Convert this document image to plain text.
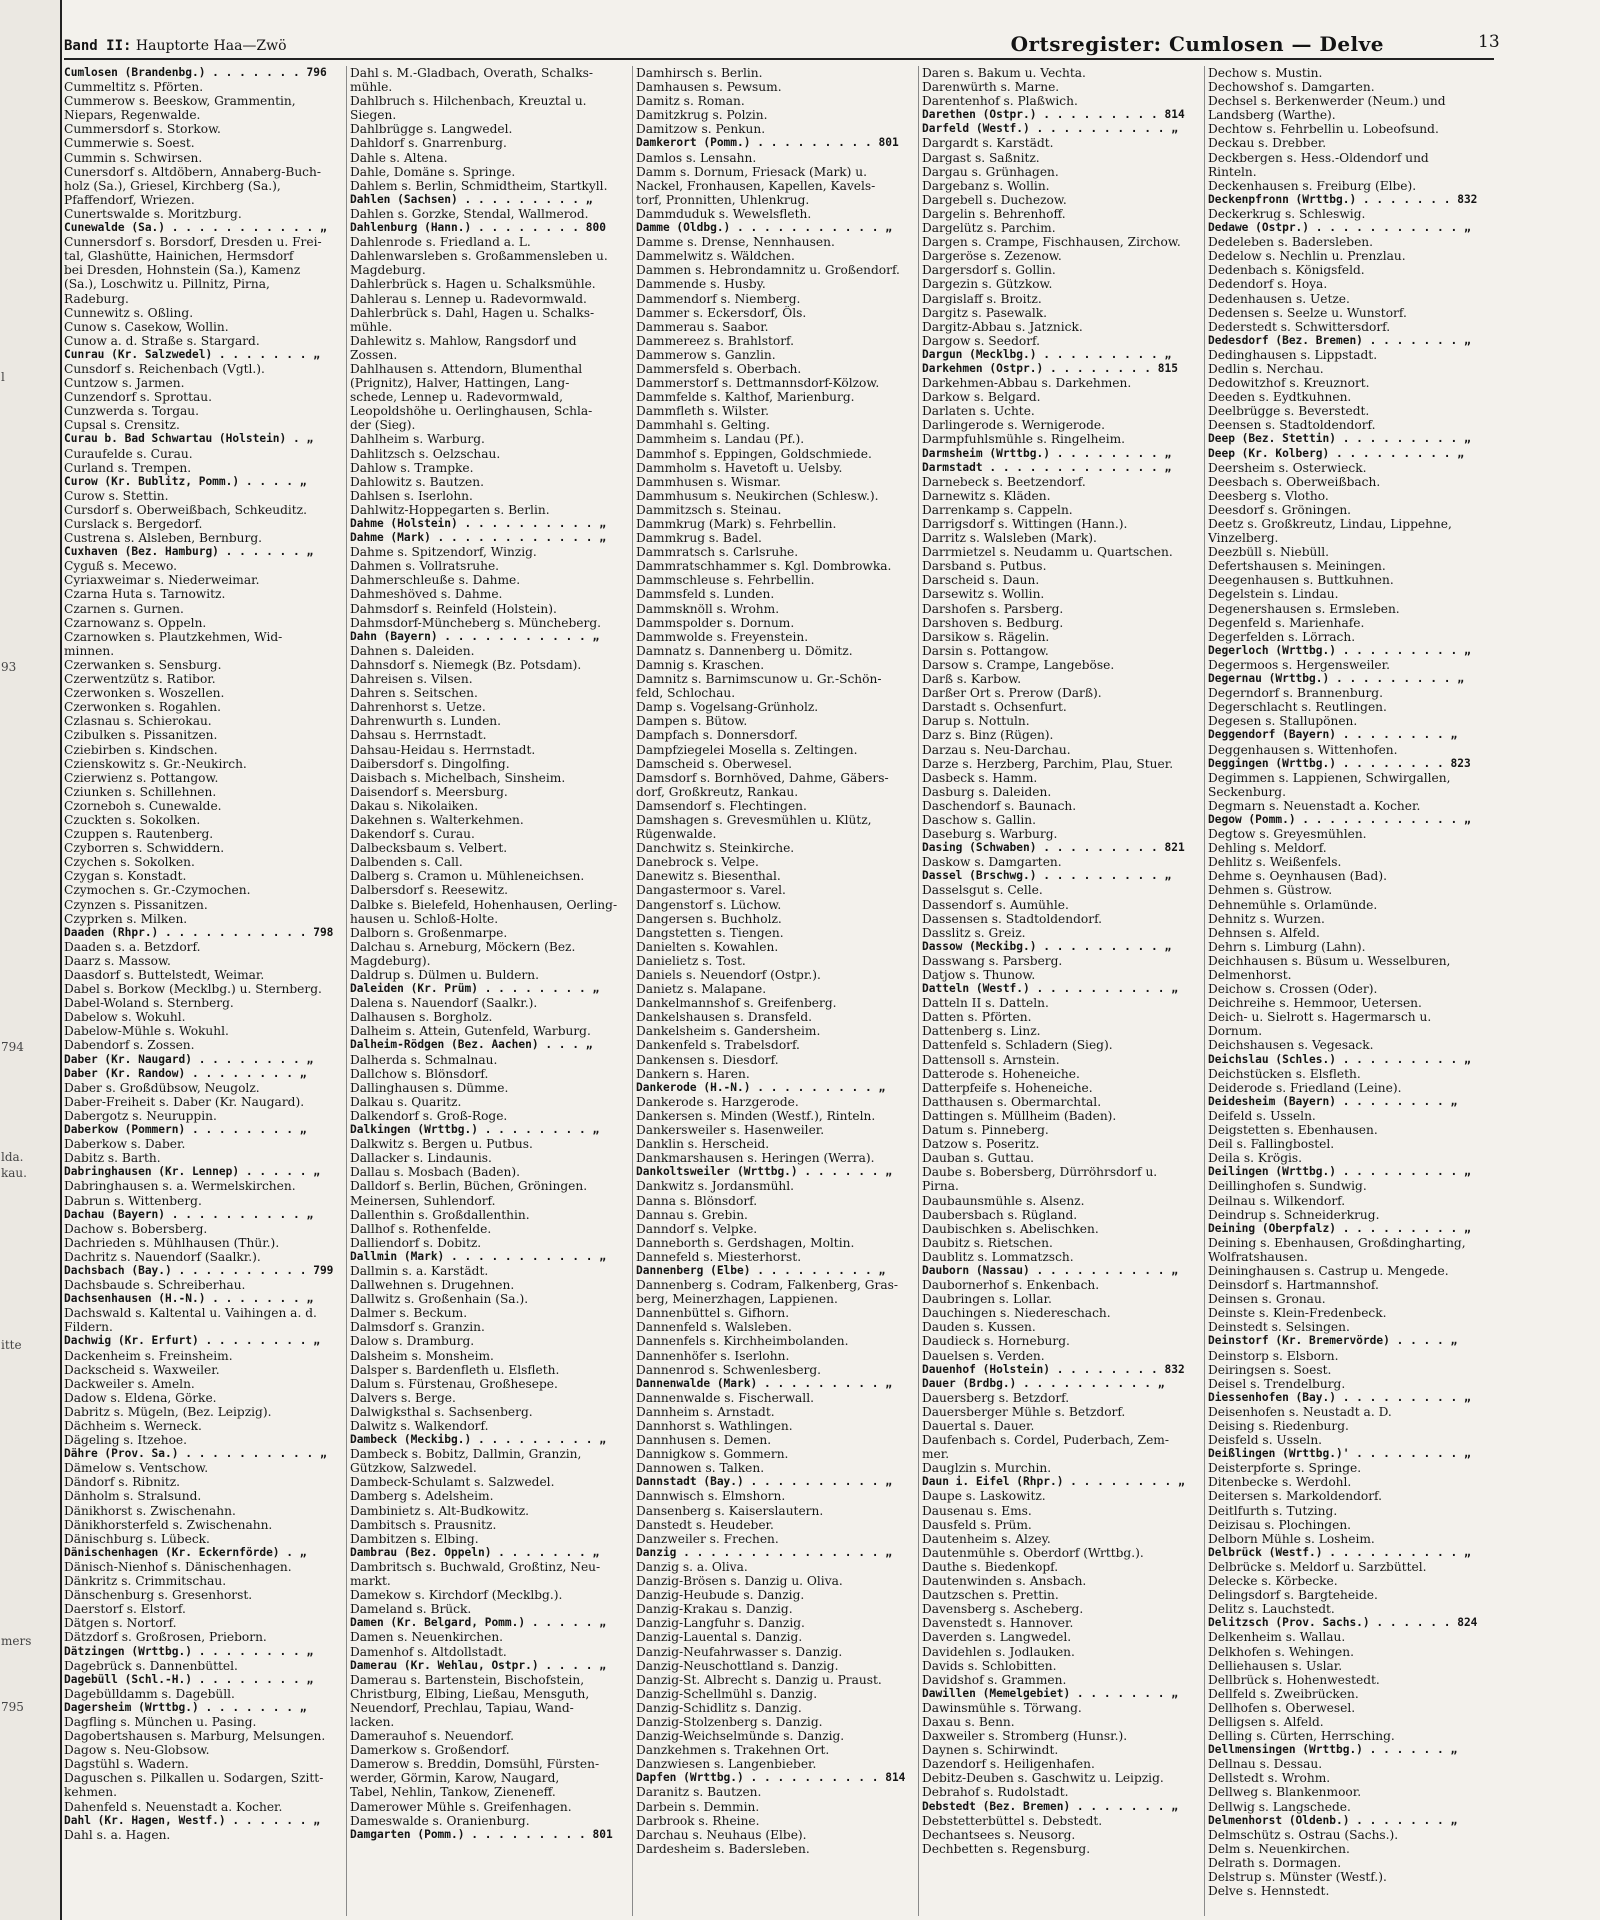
l
93
794
lda.
kau.
itte
mers
795
Band II: Hauptorte Haa—Zwö	Ortsregister: Cumlosen — Delve	13
Cumlosen (Brandenbg.) . . . . . . . 796
Cummeltitz s. Pförten.
Cummerow s. Beeskow, Grammentin,
Niepars, Regenwalde.
Cummersdorf s. Storkow.
Cummerwie s. Soest.
Cummin s. Schwirsen.
Cunersdorf s. Altdöbern, Annaberg-Buch-
holz (Sa.), Griesel, Kirchberg (Sa.),
Pfaffendorf, Wriezen.
Cunertswalde s. Moritzburg.
Cunewalde (Sa.) . . . . . . . . . . . „
Cunnersdorf s. Borsdorf, Dresden u. Frei-
tal, Glashütte, Hainichen, Hermsdorf
bei Dresden, Hohnstein (Sa.), Kamenz
(Sa.), Loschwitz u. Pillnitz, Pirna,
Radeburg.
Cunnewitz s. Oßling.
Cunow s. Casekow, Wollin.
Cunow a. d. Straße s. Stargard.
Cunrau (Kr. Salzwedel) . . . . . . . „
Cunsdorf s. Reichenbach (Vgtl.).
Cuntzow s. Jarmen.
Cunzendorf s. Sprottau.
Cunzwerda s. Torgau.
Cupsal s. Crensitz.
Curau b. Bad Schwartau (Holstein) . „
Curaufelde s. Curau.
Curland s. Trempen.
Curow (Kr. Bublitz, Pomm.) . . . . „
Curow s. Stettin.
Cursdorf s. Oberweißbach, Schkeuditz.
Curslack s. Bergedorf.
Custrena s. Alsleben, Bernburg.
Cuxhaven (Bez. Hamburg) . . . . . . „
Cyguß s. Mecewo.
Cyriaxweimar s. Niederweimar.
Czarna Huta s. Tarnowitz.
Czarnen s. Gurnen.
Czarnowanz s. Oppeln.
Czarnowken s. Plautzkehmen, Wid-
minnen.
Czerwanken s. Sensburg.
Czerwentzütz s. Ratibor.
Czerwonken s. Woszellen.
Czerwonken s. Rogahlen.
Czlasnau s. Schierokau.
Czibulken s. Pissanitzen.
Cziebirben s. Kindschen.
Czienskowitz s. Gr.-Neukirch.
Czierwienz s. Pottangow.
Cziunken s. Schillehnen.
Czorneboh s. Cunewalde.
Czuckten s. Sokolken.
Czuppen s. Rautenberg.
Czyborren s. Schwiddern.
Czychen s. Sokolken.
Czygan s. Konstadt.
Czymochen s. Gr.-Czymochen.
Czynzen s. Pissanitzen.
Czyprken s. Milken.
Daaden (Rhpr.) . . . . . . . . . . . 798
Daaden s. a. Betzdorf.
Daarz s. Massow.
Daasdorf s. Buttelstedt, Weimar.
Dabel s. Borkow (Mecklbg.) u. Sternberg.
Dabel-Woland s. Sternberg.
Dabelow s. Wokuhl.
Dabelow-Mühle s. Wokuhl.
Dabendorf s. Zossen.
Daber (Kr. Naugard) . . . . . . . . „
Daber (Kr. Randow) . . . . . . . . „
Daber s. Großdübsow, Neugolz.
Daber-Freiheit s. Daber (Kr. Naugard).
Dabergotz s. Neuruppin.
Daberkow (Pommern) . . . . . . . . „
Daberkow s. Daber.
Dabitz s. Barth.
Dabringhausen (Kr. Lennep) . . . . . „
Dabringhausen s. a. Wermelskirchen.
Dabrun s. Wittenberg.
Dachau (Bayern) . . . . . . . . . . „
Dachow s. Bobersberg.
Dachrieden s. Mühlhausen (Thür.).
Dachritz s. Nauendorf (Saalkr.).
Dachsbach (Bay.) . . . . . . . . . . 799
Dachsbaude s. Schreiberhau.
Dachsenhausen (H.-N.) . . . . . . . „
Dachswald s. Kaltental u. Vaihingen a. d.
Fildern.
Dachwig (Kr. Erfurt) . . . . . . . . „
Dackenheim s. Freinsheim.
Dackscheid s. Waxweiler.
Dackweiler s. Ameln.
Dadow s. Eldena, Görke.
Dabritz s. Mügeln, (Bez. Leipzig).
Dächheim s. Werneck.
Dägeling s. Itzehoe.
Dähre (Prov. Sa.) . . . . . . . . . . „
Dämelow s. Ventschow.
Dändorf s. Ribnitz.
Dänholm s. Stralsund.
Dänikhorst s. Zwischenahn.
Dänikhorsterfeld s. Zwischenahn.
Dänischburg s. Lübeck.
Dänischenhagen (Kr. Eckernförde) . „
Dänisch-Nienhof s. Dänischenhagen.
Dänkritz s. Crimmitschau.
Dänschenburg s. Gresenhorst.
Daerstorf s. Elstorf.
Dätgen s. Nortorf.
Dätzdorf s. Großrosen, Prieborn.
Dätzingen (Wrttbg.) . . . . . . . . „
Dagebrück s. Dannenbüttel.
Dagebüll (Schl.-H.) . . . . . . . . „
Dagebülldamm s. Dagebüll.
Dagersheim (Wrttbg.) . . . . . . . „
Dagfling s. München u. Pasing.
Dagobertshausen s. Marburg, Melsungen.
Dagow s. Neu-Globsow.
Dagstühl s. Wadern.
Daguschen s. Pilkallen u. Sodargen, Szitt-
kehmen.
Dahenfeld s. Neuenstadt a. Kocher.
Dahl (Kr. Hagen, Westf.) . . . . . . „
Dahl s. a. Hagen.
Dahl s. M.-Gladbach, Overath, Schalks-
mühle.
Dahlbruch s. Hilchenbach, Kreuztal u.
Siegen.
Dahlbrügge s. Langwedel.
Dahldorf s. Gnarrenburg.
Dahle s. Altena.
Dahle, Domäne s. Springe.
Dahlem s. Berlin, Schmidtheim, Startkyll.
Dahlen (Sachsen) . . . . . . . . . „
Dahlen s. Gorzke, Stendal, Wallmerod.
Dahlenburg (Hann.) . . . . . . . . 800
Dahlenrode s. Friedland a. L.
Dahlenwarsleben s. Großammensleben u.
Magdeburg.
Dahlerbrück s. Hagen u. Schalksmühle.
Dahlerau s. Lennep u. Radevormwald.
Dahlerbrück s. Dahl, Hagen u. Schalks-
mühle.
Dahlewitz s. Mahlow, Rangsdorf und
Zossen.
Dahlhausen s. Attendorn, Blumenthal
(Prignitz), Halver, Hattingen, Lang-
schede, Lennep u. Radevormwald,
Leopoldshöhe u. Oerlinghausen, Schla-
der (Sieg).
Dahlheim s. Warburg.
Dahlitzsch s. Oelzschau.
Dahlow s. Trampke.
Dahlowitz s. Bautzen.
Dahlsen s. Iserlohn.
Dahlwitz-Hoppegarten s. Berlin.
Dahme (Holstein) . . . . . . . . . . „
Dahme (Mark) . . . . . . . . . . . . „
Dahme s. Spitzendorf, Winzig.
Dahmen s. Vollratsruhe.
Dahmerschleuße s. Dahme.
Dahmeshöved s. Dahme.
Dahmsdorf s. Reinfeld (Holstein).
Dahmsdorf-Müncheberg s. Müncheberg.
Dahn (Bayern) . . . . . . . . . . . „
Dahnen s. Daleiden.
Dahnsdorf s. Niemegk (Bz. Potsdam).
Dahreisen s. Vilsen.
Dahren s. Seitschen.
Dahrenhorst s. Uetze.
Dahrenwurth s. Lunden.
Dahsau s. Herrnstadt.
Dahsau-Heidau s. Herrnstadt.
Daibersdorf s. Dingolfing.
Daisbach s. Michelbach, Sinsheim.
Daisendorf s. Meersburg.
Dakau s. Nikolaiken.
Dakehnen s. Walterkehmen.
Dakendorf s. Curau.
Dalbecksbaum s. Velbert.
Dalbenden s. Call.
Dalberg s. Cramon u. Mühleneichsen.
Dalbersdorf s. Reesewitz.
Dalbke s. Bielefeld, Hohenhausen, Oerling-
hausen u. Schloß-Holte.
Dalborn s. Großenmarpe.
Dalchau s. Arneburg, Möckern (Bez.
Magdeburg).
Daldrup s. Dülmen u. Buldern.
Daleiden (Kr. Prüm) . . . . . . . . „
Dalena s. Nauendorf (Saalkr.).
Dalhausen s. Borgholz.
Dalheim s. Attein, Gutenfeld, Warburg.
Dalheim-Rödgen (Bez. Aachen) . . . „
Dalherda s. Schmalnau.
Dallchow s. Blönsdorf.
Dallinghausen s. Dümme.
Dalkau s. Quaritz.
Dalkendorf s. Groß-Roge.
Dalkingen (Wrttbg.) . . . . . . . . „
Dalkwitz s. Bergen u. Putbus.
Dallacker s. Lindaunis.
Dallau s. Mosbach (Baden).
Dalldorf s. Berlin, Büchen, Gröningen.
Meinersen, Suhlendorf.
Dallenthin s. Großdallenthin.
Dallhof s. Rothenfelde.
Dalliendorf s. Dobitz.
Dallmin (Mark) . . . . . . . . . . . „
Dallmin s. a. Karstädt.
Dallwehnen s. Drugehnen.
Dallwitz s. Großenhain (Sa.).
Dalmer s. Beckum.
Dalmsdorf s. Granzin.
Dalow s. Dramburg.
Dalsheim s. Monsheim.
Dalsper s. Bardenfleth u. Elsfleth.
Dalum s. Fürstenau, Großhesepe.
Dalvers s. Berge.
Dalwigksthal s. Sachsenberg.
Dalwitz s. Walkendorf.
Dambeck (Meckibg.) . . . . . . . . . „
Dambeck s. Bobitz, Dallmin, Granzin,
Gützkow, Salzwedel.
Dambeck-Schulamt s. Salzwedel.
Damberg s. Adelsheim.
Dambinietz s. Alt-Budkowitz.
Dambitsch s. Prausnitz.
Dambitzen s. Elbing.
Dambrau (Bez. Oppeln) . . . . . . . „
Dambritsch s. Buchwald, Großtinz, Neu-
markt.
Damekow s. Kirchdorf (Mecklbg.).
Dameland s. Brück.
Damen (Kr. Belgard, Pomm.) . . . . . „
Damen s. Neuenkirchen.
Damenhof s. Altdollstadt.
Damerau (Kr. Wehlau, Ostpr.) . . . . „
Damerau s. Bartenstein, Bischofstein,
Christburg, Elbing, Ließau, Mensguth,
Neuendorf, Prechlau, Tapiau, Wand-
lacken.
Damerauhof s. Neuendorf.
Damerkow s. Großendorf.
Damerow s. Breddin, Domsühl, Fürsten-
werder, Görmin, Karow, Naugard,
Tabel, Nehlin, Tankow, Zieneneff.
Damerower Mühle s. Greifenhagen.
Dameswalde s. Oranienburg.
Damgarten (Pomm.) . . . . . . . . . 801
Damhirsch s. Berlin.
Damhausen s. Pewsum.
Damitz s. Roman.
Damitzkrug s. Polzin.
Damitzow s. Penkun.
Damkerort (Pomm.) . . . . . . . . . 801
Damlos s. Lensahn.
Damm s. Dornum, Friesack (Mark) u.
Nackel, Fronhausen, Kapellen, Kavels-
torf, Pronnitten, Uhlenkrug.
Dammduduk s. Wewelsfleth.
Damme (Oldbg.) . . . . . . . . . . . „
Damme s. Drense, Nennhausen.
Dammelwitz s. Wäldchen.
Dammen s. Hebrondamnitz u. Großendorf.
Dammende s. Husby.
Dammendorf s. Niemberg.
Dammer s. Eckersdorf, Öls.
Dammerau s. Saabor.
Dammereez s. Brahlstorf.
Dammerow s. Ganzlin.
Dammersfeld s. Oberbach.
Dammerstorf s. Dettmannsdorf-Kölzow.
Dammfelde s. Kalthof, Marienburg.
Dammfleth s. Wilster.
Dammhahl s. Gelting.
Dammheim s. Landau (Pf.).
Dammhof s. Eppingen, Goldschmiede.
Dammholm s. Havetoft u. Uelsby.
Dammhusen s. Wismar.
Dammhusum s. Neukirchen (Schlesw.).
Dammitzsch s. Steinau.
Dammkrug (Mark) s. Fehrbellin.
Dammkrug s. Badel.
Dammratsch s. Carlsruhe.
Dammratschhammer s. Kgl. Dombrowka.
Dammschleuse s. Fehrbellin.
Dammsfeld s. Lunden.
Dammsknöll s. Wrohm.
Dammspolder s. Dornum.
Dammwolde s. Freyenstein.
Damnatz s. Dannenberg u. Dömitz.
Damnig s. Kraschen.
Damnitz s. Barnimscunow u. Gr.-Schön-
feld, Schlochau.
Damp s. Vogelsang-Grünholz.
Dampen s. Bütow.
Dampfach s. Donnersdorf.
Dampfziegelei Mosella s. Zeltingen.
Damscheid s. Oberwesel.
Damsdorf s. Bornhöved, Dahme, Gäbers-
dorf, Großkreutz, Rankau.
Damsendorf s. Flechtingen.
Damshagen s. Grevesmühlen u. Klütz,
Rügenwalde.
Danchwitz s. Steinkirche.
Danebrock s. Velpe.
Danewitz s. Biesenthal.
Dangastermoor s. Varel.
Dangenstorf s. Lüchow.
Dangersen s. Buchholz.
Dangstetten s. Tiengen.
Danielten s. Kowahlen.
Danielietz s. Tost.
Daniels s. Neuendorf (Ostpr.).
Danietz s. Malapane.
Dankelmannshof s. Greifenberg.
Dankelshausen s. Dransfeld.
Dankelsheim s. Gandersheim.
Dankenfeld s. Trabelsdorf.
Dankensen s. Diesdorf.
Dankern s. Haren.
Dankerode (H.-N.) . . . . . . . . . „
Dankerode s. Harzgerode.
Dankersen s. Minden (Westf.), Rinteln.
Dankersweiler s. Hasenweiler.
Danklin s. Herscheid.
Dankmarshausen s. Heringen (Werra).
Dankoltsweiler (Wrttbg.) . . . . . . „
Dankwitz s. Jordansmühl.
Danna s. Blönsdorf.
Dannau s. Grebin.
Danndorf s. Velpke.
Danneborth s. Gerdshagen, Moltin.
Dannefeld s. Miesterhorst.
Dannenberg (Elbe) . . . . . . . . . „
Dannenberg s. Codram, Falkenberg, Gras-
berg, Meinerzhagen, Lappienen.
Dannenbüttel s. Gifhorn.
Dannenfeld s. Walsleben.
Dannenfels s. Kirchheimbolanden.
Dannenhöfer s. Iserlohn.
Dannenrod s. Schwenlesberg.
Dannenwalde (Mark) . . . . . . . . . „
Dannenwalde s. Fischerwall.
Dannheim s. Arnstadt.
Dannhorst s. Wathlingen.
Dannhusen s. Demen.
Dannigkow s. Gommern.
Dannowen s. Talken.
Dannstadt (Bay.) . . . . . . . . . . „
Dannwisch s. Elmshorn.
Dansenberg s. Kaiserslautern.
Danstedt s. Heudeber.
Danzweiler s. Frechen.
Danzig . . . . . . . . . . . . . . . „
Danzig s. a. Oliva.
Danzig-Brösen s. Danzig u. Oliva.
Danzig-Heubude s. Danzig.
Danzig-Krakau s. Danzig.
Danzig-Langfuhr s. Danzig.
Danzig-Lauental s. Danzig.
Danzig-Neufahrwasser s. Danzig.
Danzig-Neuschottland s. Danzig.
Danzig-St. Albrecht s. Danzig u. Praust.
Danzig-Schellmühl s. Danzig.
Danzig-Schidlitz s. Danzig.
Danzig-Stolzenberg s. Danzig.
Danzig-Weichselmünde s. Danzig.
Danzkehmen s. Trakehnen Ort.
Danzwiesen s. Langenbieber.
Dapfen (Wrttbg.) . . . . . . . . . . 814
Daranitz s. Bautzen.
Darbein s. Demmin.
Darbrook s. Rheine.
Darchau s. Neuhaus (Elbe).
Dardesheim s. Badersleben.
Daren s. Bakum u. Vechta.
Darenwürth s. Marne.
Darentenhof s. Plaßwich.
Darethen (Ostpr.) . . . . . . . . . 814
Darfeld (Westf.) . . . . . . . . . . „
Dargardt s. Karstädt.
Dargast s. Saßnitz.
Dargau s. Grünhagen.
Dargebanz s. Wollin.
Dargebell s. Duchezow.
Dargelin s. Behrenhoff.
Dargelütz s. Parchim.
Dargen s. Crampe, Fischhausen, Zirchow.
Dargeröse s. Zezenow.
Dargersdorf s. Gollin.
Dargezin s. Gützkow.
Dargislaff s. Broitz.
Dargitz s. Pasewalk.
Dargitz-Abbau s. Jatznick.
Dargow s. Seedorf.
Dargun (Mecklbg.) . . . . . . . . . „
Darkehmen (Ostpr.) . . . . . . . . 815
Darkehmen-Abbau s. Darkehmen.
Darkow s. Belgard.
Darlaten s. Uchte.
Darlingerode s. Wernigerode.
Darmpfuhlsmühle s. Ringelheim.
Darmsheim (Wrttbg.) . . . . . . . . „
Darmstadt . . . . . . . . . . . . . „
Darnebeck s. Beetzendorf.
Darnewitz s. Kläden.
Darrenkamp s. Cappeln.
Darrigsdorf s. Wittingen (Hann.).
Darritz s. Walsleben (Mark).
Darrmietzel s. Neudamm u. Quartschen.
Darsband s. Putbus.
Darscheid s. Daun.
Darsewitz s. Wollin.
Darshofen s. Parsberg.
Darshoven s. Bedburg.
Darsikow s. Rägelin.
Darsin s. Pottangow.
Darsow s. Crampe, Langeböse.
Darß s. Karbow.
Darßer Ort s. Prerow (Darß).
Darstadt s. Ochsenfurt.
Darup s. Nottuln.
Darz s. Binz (Rügen).
Darzau s. Neu-Darchau.
Darze s. Herzberg, Parchim, Plau, Stuer.
Dasbeck s. Hamm.
Dasburg s. Daleiden.
Daschendorf s. Baunach.
Daschow s. Gallin.
Daseburg s. Warburg.
Dasing (Schwaben) . . . . . . . . . 821
Daskow s. Damgarten.
Dassel (Brschwg.) . . . . . . . . . „
Dasselsgut s. Celle.
Dassendorf s. Aumühle.
Dassensen s. Stadtoldendorf.
Dasslitz s. Greiz.
Dassow (Meckibg.) . . . . . . . . . „
Dasswang s. Parsberg.
Datjow s. Thunow.
Datteln (Westf.) . . . . . . . . . . „
Datteln II s. Datteln.
Datten s. Pförten.
Dattenberg s. Linz.
Dattenfeld s. Schladern (Sieg).
Dattensoll s. Arnstein.
Datterode s. Hoheneiche.
Datterpfeife s. Hoheneiche.
Datthausen s. Obermarchtal.
Dattingen s. Müllheim (Baden).
Datum s. Pinneberg.
Datzow s. Poseritz.
Dauban s. Guttau.
Daube s. Bobersberg, Dürröhrsdorf u.
Pirna.
Daubaunsmühle s. Alsenz.
Daubersbach s. Rügland.
Daubischken s. Abelischken.
Daubitz s. Rietschen.
Daublitz s. Lommatzsch.
Dauborn (Nassau) . . . . . . . . . . „
Daubornerhof s. Enkenbach.
Daubringen s. Lollar.
Dauchingen s. Niedereschach.
Dauden s. Kussen.
Daudieck s. Horneburg.
Dauelsen s. Verden.
Dauenhof (Holstein) . . . . . . . . 832
Dauer (Brdbg.) . . . . . . . . . . „
Dauersberg s. Betzdorf.
Dauersberger Mühle s. Betzdorf.
Dauertal s. Dauer.
Daufenbach s. Cordel, Puderbach, Zem-
mer.
Dauglzin s. Murchin.
Daun i. Eifel (Rhpr.) . . . . . . . . „
Daupe s. Laskowitz.
Dausenau s. Ems.
Dausfeld s. Prüm.
Dautenheim s. Alzey.
Dautenmühle s. Oberdorf (Wrttbg.).
Dauthe s. Biedenkopf.
Dautenwinden s. Ansbach.
Dautzschen s. Prettin.
Davensberg s. Ascheberg.
Davenstedt s. Hannover.
Daverden s. Langwedel.
Davidehlen s. Jodlauken.
Davids s. Schlobitten.
Davidshof s. Grammen.
Dawillen (Memelgebiet) . . . . . . . „
Dawinsmühle s. Törwang.
Daxau s. Benn.
Daxweiler s. Stromberg (Hunsr.).
Daynen s. Schirwindt.
Dazendorf s. Heiligenhafen.
Debitz-Deuben s. Gaschwitz u. Leipzig.
Debrahof s. Rudolstadt.
Debstedt (Bez. Bremen) . . . . . . . „
Debstetterbüttel s. Debstedt.
Dechantsees s. Neusorg.
Dechbetten s. Regensburg.
Dechow s. Mustin.
Dechowshof s. Damgarten.
Dechsel s. Berkenwerder (Neum.) und
Landsberg (Warthe).
Dechtow s. Fehrbellin u. Lobeofsund.
Deckau s. Drebber.
Deckbergen s. Hess.-Oldendorf und
Rinteln.
Deckenhausen s. Freiburg (Elbe).
Deckenpfronn (Wrttbg.) . . . . . . . 832
Deckerkrug s. Schleswig.
Dedawe (Ostpr.) . . . . . . . . . . . „
Dedeleben s. Badersleben.
Dedelow s. Nechlin u. Prenzlau.
Dedenbach s. Königsfeld.
Dedendorf s. Hoya.
Dedenhausen s. Uetze.
Dedensen s. Seelze u. Wunstorf.
Dederstedt s. Schwittersdorf.
Dedesdorf (Bez. Bremen) . . . . . . . „
Dedinghausen s. Lippstadt.
Dedlin s. Nerchau.
Dedowitzhof s. Kreuznort.
Deeden s. Eydtkuhnen.
Deelbrügge s. Beverstedt.
Deensen s. Stadtoldendorf.
Deep (Bez. Stettin) . . . . . . . . . „
Deep (Kr. Kolberg) . . . . . . . . . „
Deersheim s. Osterwieck.
Deesbach s. Oberweißbach.
Deesberg s. Vlotho.
Deesdorf s. Gröningen.
Deetz s. Großkreutz, Lindau, Lippehne,
Vinzelberg.
Deezbüll s. Niebüll.
Defertshausen s. Meiningen.
Deegenhausen s. Buttkuhnen.
Degelstein s. Lindau.
Degenershausen s. Ermsleben.
Degenfeld s. Marienhafe.
Degerfelden s. Lörrach.
Degerloch (Wrttbg.) . . . . . . . . . „
Degermoos s. Hergensweiler.
Degernau (Wrttbg.) . . . . . . . . . „
Degerndorf s. Brannenburg.
Degerschlacht s. Reutlingen.
Degesen s. Stallupönen.
Deggendorf (Bayern) . . . . . . . . „
Deggenhausen s. Wittenhofen.
Deggingen (Wrttbg.) . . . . . . . . 823
Degimmen s. Lappienen, Schwirgallen,
Seckenburg.
Degmarn s. Neuenstadt a. Kocher.
Degow (Pomm.) . . . . . . . . . . . . „
Degtow s. Greyesmühlen.
Dehling s. Meldorf.
Dehlitz s. Weißenfels.
Dehme s. Oeynhausen (Bad).
Dehmen s. Güstrow.
Dehnemühle s. Orlamünde.
Dehnitz s. Wurzen.
Dehnsen s. Alfeld.
Dehrn s. Limburg (Lahn).
Deichhausen s. Büsum u. Wesselburen,
Delmenhorst.
Deichow s. Crossen (Oder).
Deichreihe s. Hemmoor, Uetersen.
Deich- u. Sielrott s. Hagermarsch u.
Dornum.
Deichshausen s. Vegesack.
Deichslau (Schles.) . . . . . . . . . „
Deichstücken s. Elsfleth.
Deiderode s. Friedland (Leine).
Deidesheim (Bayern) . . . . . . . . „
Deifeld s. Usseln.
Deigstetten s. Ebenhausen.
Deil s. Fallingbostel.
Deila s. Krögis.
Deilingen (Wrttbg.) . . . . . . . . . „
Deillinghofen s. Sundwig.
Deilnau s. Wilkendorf.
Deindrup s. Schneiderkrug.
Deining (Oberpfalz) . . . . . . . . . „
Deining s. Ebenhausen, Großdingharting,
Wolfratshausen.
Deininghausen s. Castrup u. Mengede.
Deinsdorf s. Hartmannshof.
Deinsen s. Gronau.
Deinste s. Klein-Fredenbeck.
Deinstedt s. Selsingen.
Deinstorf (Kr. Bremervörde) . . . . „
Deinstorp s. Elsborn.
Deiringsen s. Soest.
Deisel s. Trendelburg.
Diessenhofen (Bay.) . . . . . . . . . „
Deisenhofen s. Neustadt a. D.
Deising s. Riedenburg.
Deisfeld s. Usseln.
Deißlingen (Wrttbg.)' . . . . . . . . „
Deisterpforte s. Springe.
Ditenbecke s. Werdohl.
Deitersen s. Markoldendorf.
Deitlfurth s. Tutzing.
Deizisau s. Plochingen.
Delborn Mühle s. Losheim.
Delbrück (Westf.) . . . . . . . . . . „
Delbrücke s. Meldorf u. Sarzbüttel.
Delecke s. Körbecke.
Delingsdorf s. Bargteheide.
Delitz s. Lauchstedt.
Delitzsch (Prov. Sachs.) . . . . . . 824
Delkenheim s. Wallau.
Delkhofen s. Wehingen.
Delliehausen s. Uslar.
Dellbrück s. Hohenwestedt.
Dellfeld s. Zweibrücken.
Dellhofen s. Oberwesel.
Delligsen s. Alfeld.
Delling s. Cürten, Herrsching.
Dellmensingen (Wrttbg.) . . . . . . „
Dellnau s. Dessau.
Dellstedt s. Wrohm.
Dellweg s. Blankenmoor.
Dellwig s. Langschede.
Delmenhorst (Oldenb.) . . . . . . . „
Delmschütz s. Ostrau (Sachs.).
Delm s. Neuenkirchen.
Delrath s. Dormagen.
Delstrup s. Münster (Westf.).
Delve s. Hennstedt.
